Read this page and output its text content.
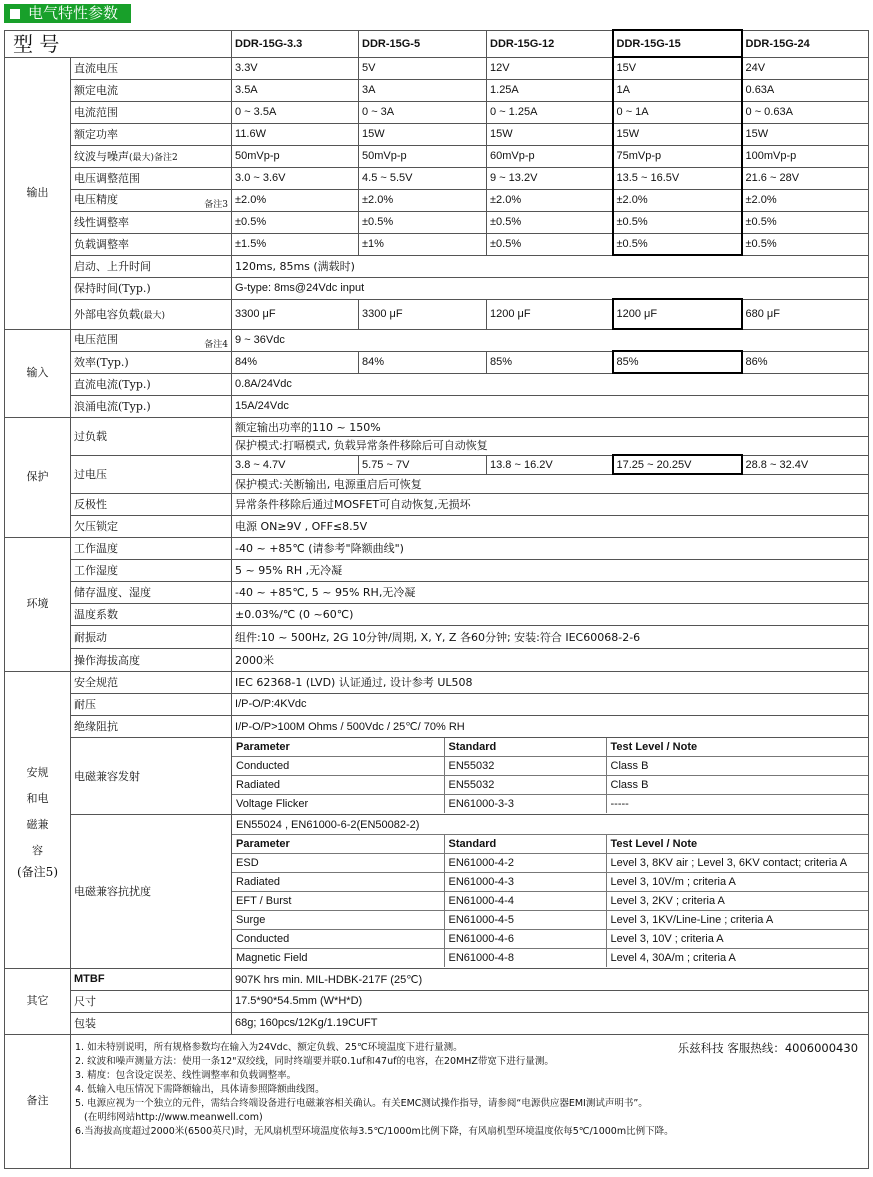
电气特性参数
型 号	DDR-15G-3.3	DDR-15G-5	DDR-15G-12	DDR-15G-15	DDR-15G-24
输出	直流电压	3.3V	5V	12V	15V	24V
额定电流	3.5A	3A	1.25A	1A	0.63A
电流范围	0 ~ 3.5A	0 ~ 3A	0 ~ 1.25A	0 ~ 1A	0 ~ 0.63A
额定功率	11.6W	15W	15W	15W	15W
纹波与噪声(最大)备注2	50mVp-p	50mVp-p	60mVp-p	75mVp-p	100mVp-p
电压调整范围	3.0 ~ 3.6V	4.5 ~ 5.5V	9 ~ 13.2V	13.5 ~ 16.5V	21.6 ~ 28V
电压精度	备注3	±2.0%	±2.0%	±2.0%	±2.0%	±2.0%
线性调整率	±0.5%	±0.5%	±0.5%	±0.5%	±0.5%
负载调整率	±1.5%	±1%	±0.5%	±0.5%	±0.5%
启动、上升时间	120ms, 85ms (满载时)
保持时间(Typ.)	G-type: 8ms@24Vdc input
外部电容负载(最大)	3300 μF	3300 μF	1200 μF	1200 μF	680 μF
输入	电压范围	备注4	9 ~ 36Vdc
效率(Typ.)	84%	84%	85%	85%	86%
直流电流(Typ.)	0.8A/24Vdc
浪涌电流(Typ.)	15A/24Vdc
保护	过负载	额定输出功率的110 ~ 150%
保护模式:打嗝模式, 负载异常条件移除后可自动恢复
过电压	3.8 ~ 4.7V	5.75 ~ 7V	13.8 ~ 16.2V	17.25 ~ 20.25V	28.8 ~ 32.4V
保护模式:关断输出, 电源重启后可恢复
反极性	异常条件移除后通过MOSFET可自动恢复,无损坏
欠压锁定	电源 ON≥9V , OFF≤8.5V
环境	工作温度	-40 ~ +85℃ (请参考"降额曲线")
工作湿度	5 ~ 95% RH ,无冷凝
储存温度、湿度	-40 ~ +85℃, 5 ~ 95% RH,无冷凝
温度系数	±0.03%/℃ (0 ~60℃)
耐振动	组件:10 ~ 500Hz, 2G 10分钟/周期, X, Y, Z 各60分钟; 安装:符合 IEC60068-2-6
操作海拔高度	2000米

安规
和电
磁兼
容
(备注5)
	安全规范	IEC 62368-1 (LVD) 认证通过, 设计参考 UL508
耐压	I/P-O/P:4KVdc
绝缘阻抗	I/P-O/P>100M Ohms / 500Vdc / 25℃/ 70% RH
电磁兼容发射	
Parameter	Standard	Test Level / Note
Conducted	EN55032	Class B
Radiated	EN55032	Class B
Voltage Flicker	EN61000-3-3	-----

电磁兼容抗扰度	
EN55024 , EN61000-6-2(EN50082-2)
Parameter	Standard	Test Level / Note
ESD	EN61000-4-2	Level 3, 8KV air ; Level 3, 6KV contact; criteria A
Radiated	EN61000-4-3	Level 3, 10V/m ; criteria A
EFT / Burst	EN61000-4-4	Level 3, 2KV ; criteria A
Surge	EN61000-4-5	Level 3, 1KV/Line-Line ; criteria A
Conducted	EN61000-4-6	Level 3, 10V ; criteria A
Magnetic Field	EN61000-4-8	Level 4, 30A/m ; criteria A

其它	MTBF	907K hrs min. MIL-HDBK-217F (25℃)
尺寸	17.5*90*54.5mm (W*H*D)
包装	68g; 160pcs/12Kg/1.19CUFT
备注	
乐兹科技 客服热线：4006000430
1. 如未特别说明，所有规格参数均在输入为24Vdc、额定负载、25℃环境温度下进行量测。
2. 纹波和噪声测量方法：使用一条12"双绞线，同时终端要并联0.1uf和47uf的电容，在20MHZ带宽下进行量测。
3. 精度：包含设定误差、线性调整率和负载调整率。
4. 低输入电压情况下需降额输出，具体请参照降额曲线图。
5. 电源应视为一个独立的元件，需结合终端设备进行电磁兼容相关确认。有关EMC测试操作指导，请参阅“电源供应器EMI测试声明书”。
(在明纬网站http://www.meanwell.com)
6.当海拔高度超过2000米(6500英尺)时，无风扇机型环境温度依每3.5℃/1000m比例下降，有风扇机型环境温度依每5℃/1000m比例下降。
